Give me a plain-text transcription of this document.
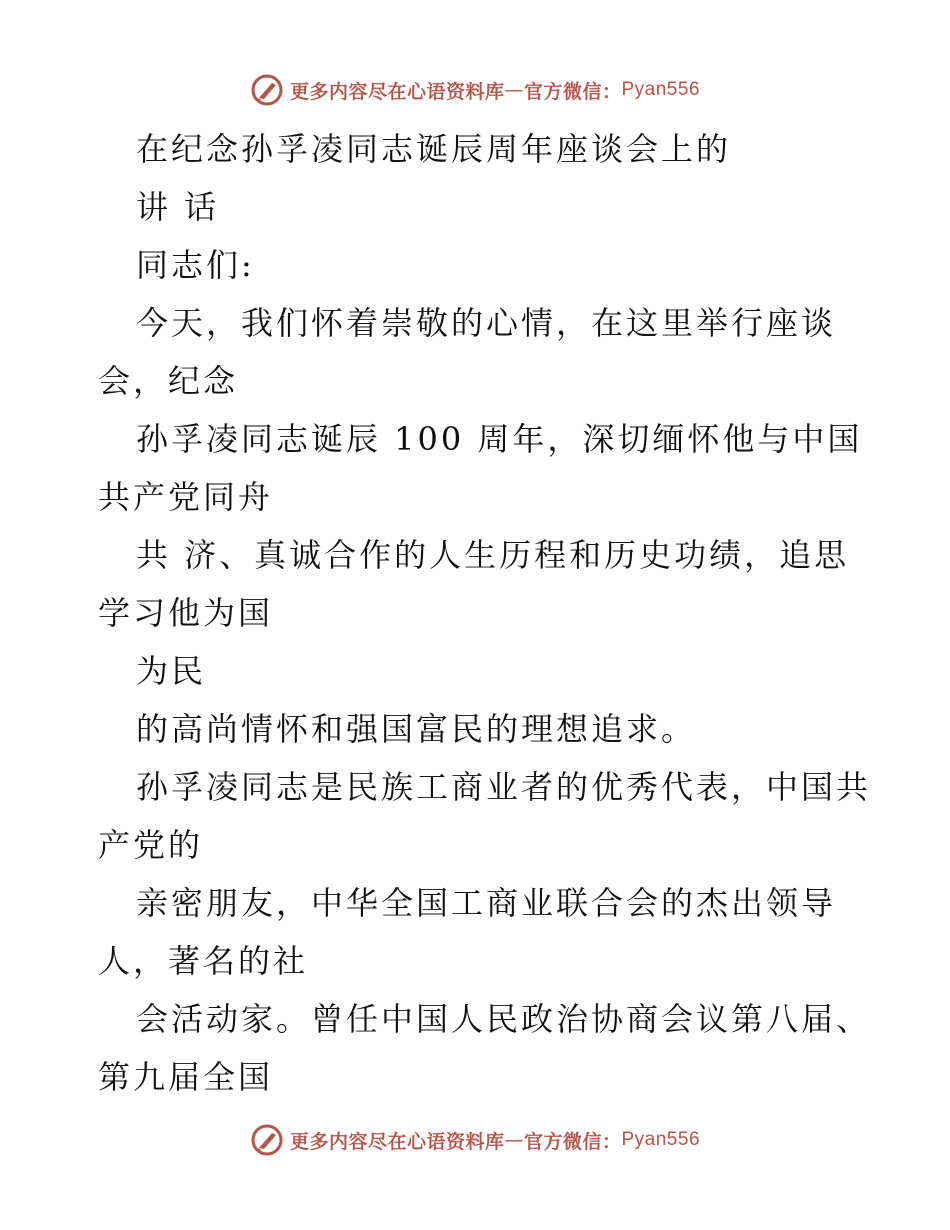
更多内容尽在心语资料库 — 官方微信： Pyan556
在纪念孙孚凌同志诞辰周年座谈会上的
讲 话
同志们:
今天，我们怀着崇敬的心情，在这里举行座谈
会，纪念
孙孚凌同志诞辰 100 周年，深切缅怀他与中国
共产党同舟
共 济、真诚合作的人生历程和历史功绩，追思
学习他为国
为民
的高尚情怀和强国富民的理想追求。
孙孚凌同志是民族工商业者的优秀代表，中国共
产党的
亲密朋友，中华全国工商业联合会的杰出领导
人，著名的社
会活动家。曾任中国人民政治协商会议第八届、
第九届全国
更多内容尽在心语资料库 — 官方微信： Pyan556
